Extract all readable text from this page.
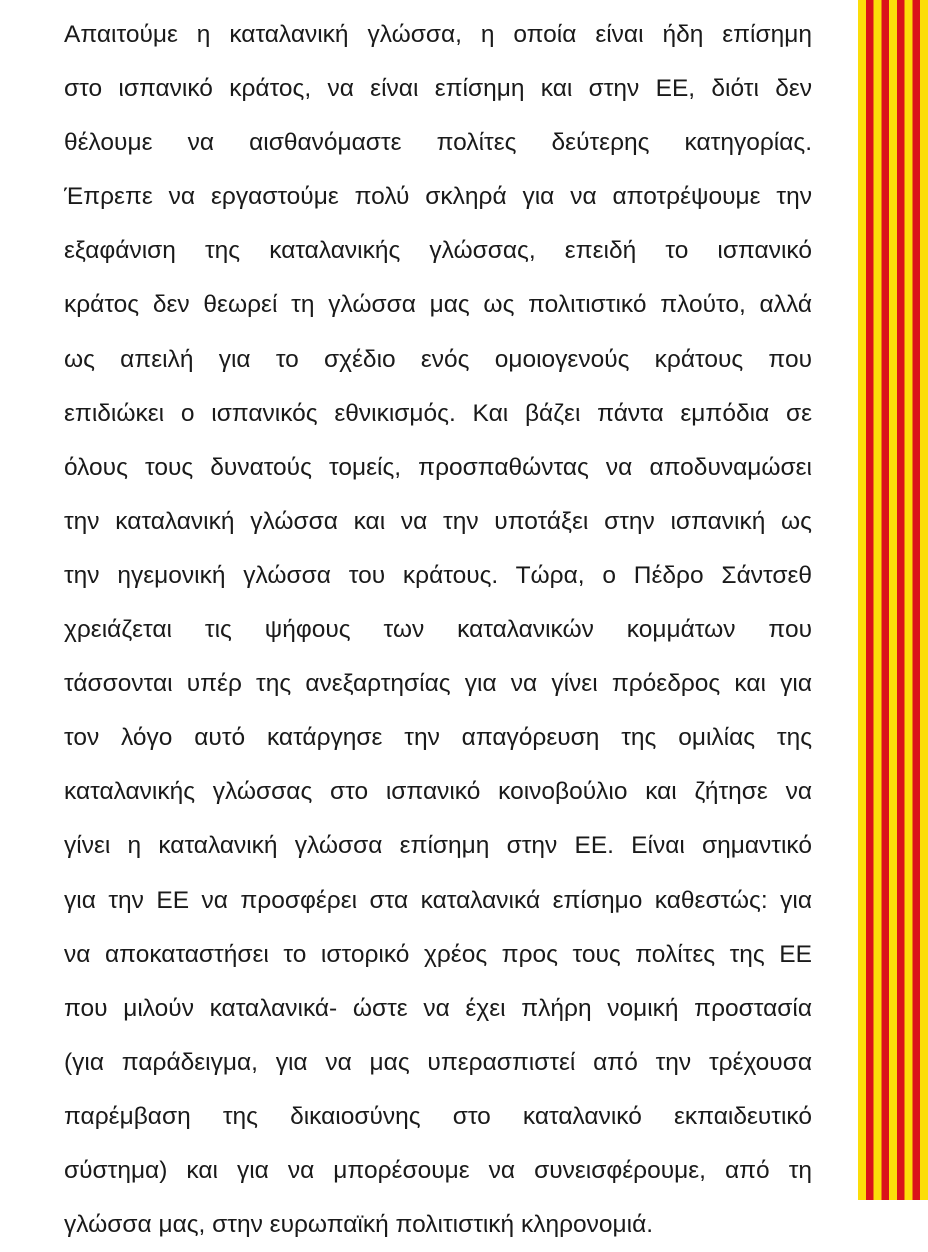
Απαιτούμε η καταλανική γλώσσα, η οποία είναι ήδη επίσημη
στο ισπανικό κράτος, να είναι επίσημη και στην ΕΕ, διότι δεν
θέλουμε να αισθανόμαστε πολίτες δεύτερης κατηγορίας.
Έπρεπε να εργαστούμε πολύ σκληρά για να αποτρέψουμε την
εξαφάνιση της καταλανικής γλώσσας, επειδή το ισπανικό
κράτος δεν θεωρεί τη γλώσσα μας ως πολιτιστικό πλούτο, αλλά
ως απειλή για το σχέδιο ενός ομοιογενούς κράτους που
επιδιώκει ο ισπανικός εθνικισμός. Και βάζει πάντα εμπόδια σε
όλους τους δυνατούς τομείς, προσπαθώντας να αποδυναμώσει
την καταλανική γλώσσα και να την υποτάξει στην ισπανική ως
την ηγεμονική γλώσσα του κράτους. Τώρα, ο Πέδρο Σάντσεθ
χρειάζεται τις ψήφους των καταλανικών κομμάτων που
τάσσονται υπέρ της ανεξαρτησίας για να γίνει πρόεδρος και για
τον λόγο αυτό κατάργησε την απαγόρευση της ομιλίας της
καταλανικής γλώσσας στο ισπανικό κοινοβούλιο και ζήτησε να
γίνει η καταλανική γλώσσα επίσημη στην ΕΕ. Είναι σημαντικό
για την ΕΕ να προσφέρει στα καταλανικά επίσημο καθεστώς: για
να αποκαταστήσει το ιστορικό χρέος προς τους πολίτες της ΕΕ
που μιλούν καταλανικά- ώστε να έχει πλήρη νομική προστασία
(για παράδειγμα, για να μας υπερασπιστεί από την τρέχουσα
παρέμβαση της δικαιοσύνης στο καταλανικό εκπαιδευτικό
σύστημα) και για να μπορέσουμε να συνεισφέρουμε, από τη
γλώσσα μας, στην ευρωπαϊκή πολιτιστική κληρονομιά.
